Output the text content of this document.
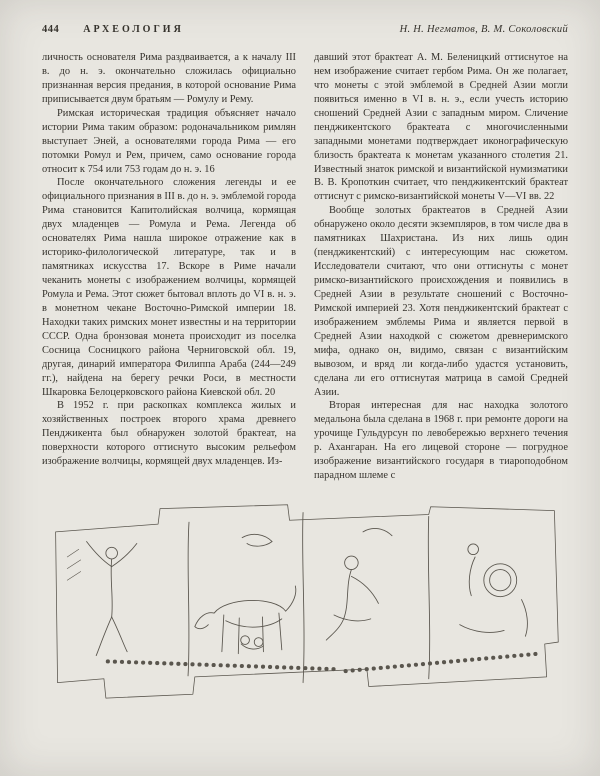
444 АРХЕОЛОГИЯ	Н. Н. Негматов, В. М. Соколовский

личность основателя Рима раздваивается, а к началу III в. до н. э. окончательно сложилась официально признанная версия предания, в которой основание Рима приписывается двум братьям — Ромулу и Рему.

Римская историческая традиция объясняет начало истории Рима таким образом: родоначальником римлян выступает Эней, а основателями города Рима — его потомки Ромул и Рем, причем, само основание города относит к 754 или 753 годам до н. э. 16

После окончательного сложения легенды и ее официального признания в III в. до н. э. эмблемой города Рима становится Капитолийская волчица, кормящая двух младенцев — Ромула и Рема. Легенда об основателях Рима нашла широкое отражение как в историко-филологической литературе, так и в памятниках искусства 17. Вскоре в Риме начали чеканить монеты с изображением волчицы, кормящей Ромула и Рема. Этот сюжет бытовал вплоть до VI в. н. э. в монетном чекане Восточно-Римской империи 18. Находки таких римских монет известны и на территории СССР. Одна бронзовая монета происходит из поселка Сосница Сосницкого района Черниговской обл. 19, другая, динарий императора Филиппа Араба (244—249 гг.), найдена на берегу речки Роси, в местности Шкаровка Белоцерковского района Киевской обл. 20

В 1952 г. при раскопках комплекса жилых и хозяйственных построек второго храма древнего Пенджикента был обнаружен золотой брактеат, на поверхности которого оттиснуто высоким рельефом изображение волчицы, кормящей двух младенцев. Из-

давший этот брактеат А. М. Беленицкий оттиснутое на нем изображение считает гербом Рима. Он же полагает, что монеты с этой эмблемой в Средней Азии могли появиться именно в VI в. н. э., если учесть историю сношений Средней Азии с западным миром. Сличение пенджикентского брактеата с многочисленными западными монетами подтверждает иконографическую близость брактеата к монетам указанного столетия 21. Известный знаток римской и византийской нумизматики В. В. Кропоткин считает, что пенджикентский брактеат оттиснут с римско-византийской монеты V—VI вв. 22

Вообще золотых брактеатов в Средней Азии обнаружено около десяти экземпляров, в том числе два в памятниках Шахристана. Из них лишь один (пенджикентский) с интересующим нас сюжетом. Исследователи считают, что они оттиснуты с монет римско-византийского происхождения и появились в Средней Азии в результате сношений с Восточно-Римской империей 23. Хотя пенджикентский брактеат с изображением эмблемы Рима и является первой в Средней Азии находкой с сюжетом древнеримского мифа, однако он, видимо, связан с византийским вывозом, и вряд ли когда-либо удастся установить, сделана ли его оттиснутая матрица в самой Средней Азии.

Вторая интересная для нас находка золотого медальона была сделана в 1968 г. при ремонте дороги на урочище Гульдурсун по левобережью верхнего течения р. Ахангаран. На его лицевой стороне — погрудное изображение византийского государя в тиароподобном парадном шлеме с
